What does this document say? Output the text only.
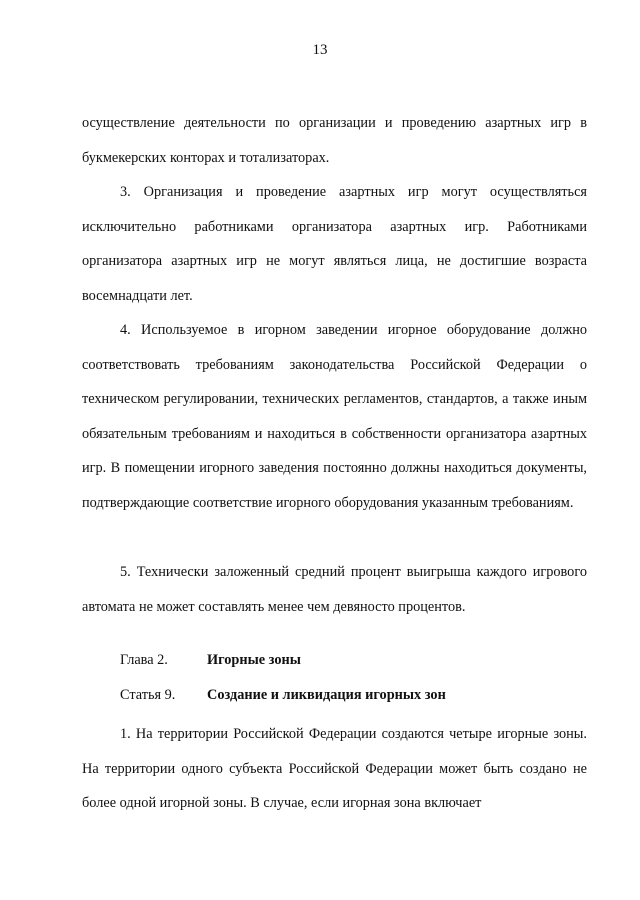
13

осуществление деятельности по организации и проведению азартных игр в букмекерских конторах и тотализаторах.

3. Организация и проведение азартных игр могут осуществляться исключительно работниками организатора азартных игр. Работниками организатора азартных игр не могут являться лица, не достигшие возраста восемнадцати лет.

4. Используемое в игорном заведении игорное оборудование должно соответствовать требованиям законодательства Российской Федерации о техническом регулировании, технических регламентов, стандартов, а также иным обязательным требованиям и находиться в собственности организатора азартных игр. В помещении игорного заведения постоянно должны находиться документы, подтверждающие соответствие игорного оборудования указанным требованиям.

5. Технически заложенный средний процент выигрыша каждого игрового автомата не может составлять менее чем девяносто процентов.

Глава 2.	Игорные зоны
Статья 9. Создание и ликвидация игорных зон

1. На территории Российской Федерации создаются четыре игорные зоны. На территории одного субъекта Российской Федерации может быть создано не более одной игорной зоны. В случае, если игорная зона включает
